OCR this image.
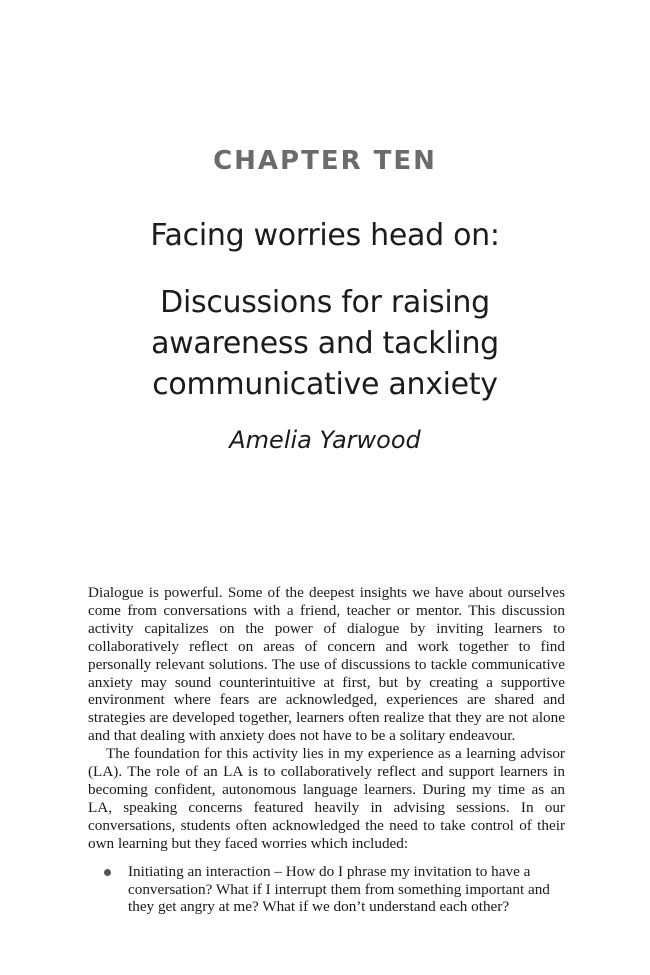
CHAPTER TEN
Facing worries head on:
Discussions for raising
awareness and tackling
communicative anxiety
Amelia Yarwood

Dialogue is powerful. Some of the deepest insights we have about ourselves come from conversations with a friend, teacher or mentor. This discussion activity capitalizes on the power of dialogue by inviting learners to collaboratively reflect on areas of concern and work together to find personally relevant solutions. The use of discussions to tackle communicative anxiety may sound counterintuitive at first, but by creating a supportive environment where fears are acknowledged, experiences are shared and strategies are developed together, learners often realize that they are not alone and that dealing with anxiety does not have to be a solitary endeavour.

The foundation for this activity lies in my experience as a learning advisor (LA). The role of an LA is to collaboratively reflect and support learners in becoming confident, autonomous language learners. During my time as an LA, speaking concerns featured heavily in advising sessions. In our conversations, students often acknowledged the need to take control of their own learning but they faced worries which included:

Initiating an interaction – How do I phrase my invitation to have a conversation? What if I interrupt them from something important and they get angry at me? What if we don’t understand each other?
